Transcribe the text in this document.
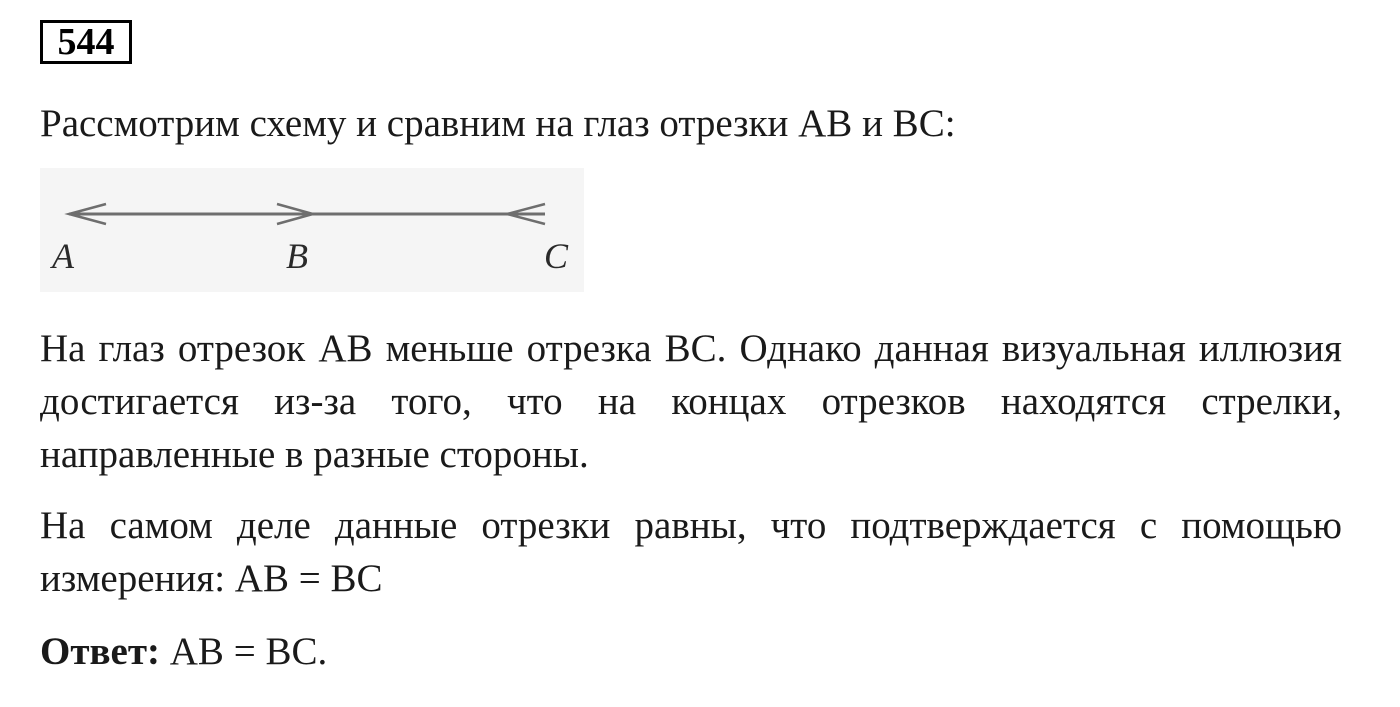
544

Рассмотрим схему и сравним на глаз отрезки АВ и ВС:

A	B	C

На глаз отрезок АВ меньше отрезка ВС. Однако данная визуальная иллюзия достигается из-за того, что на концах отрезков находятся стрелки, направленные в разные стороны.

На самом деле данные отрезки равны, что подтверждается с помощью измерения: АВ = ВС

Ответ: АВ = ВС.
